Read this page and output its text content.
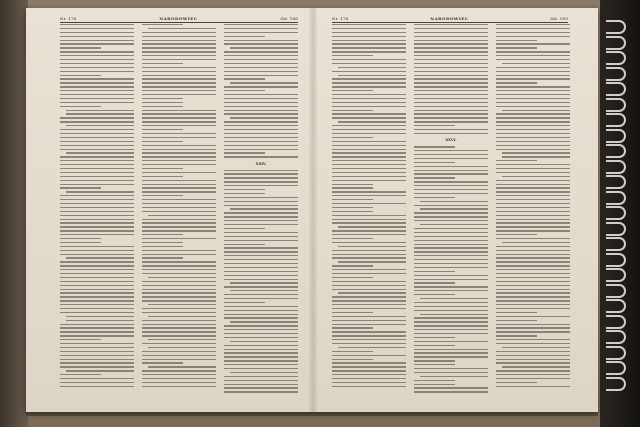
Nr. 176	NARODOWIEC	Str. 188	Nr. 176	NARODOWIEC	Str. 189
XXIV.
XXVI.
